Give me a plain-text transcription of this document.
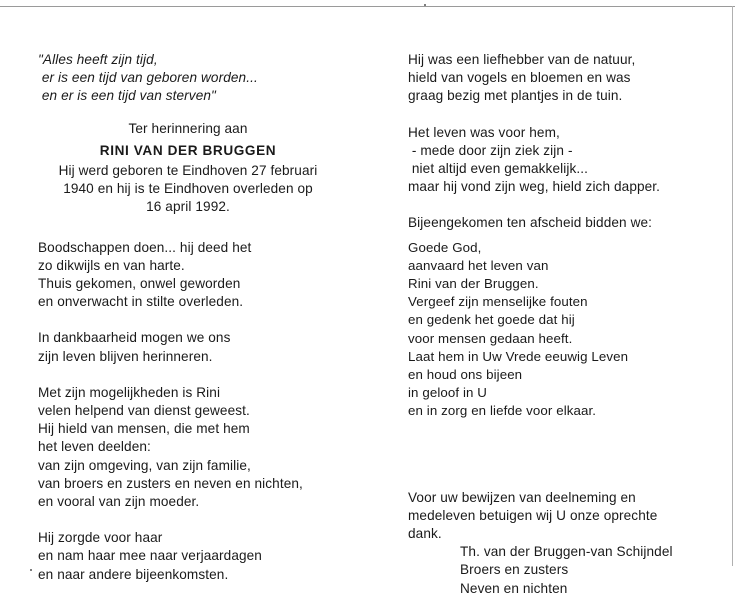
"Alles heeft zijn tijd,
er is een tijd van geboren worden...
en er is een tijd van sterven"
Ter herinnering aan
RINI VAN DER BRUGGEN
Hij werd geboren te Eindhoven 27 februari
1940 en hij is te Eindhoven overleden op
16 april 1992.
Boodschappen doen... hij deed het
zo dikwijls en van harte.
Thuis gekomen, onwel geworden
en onverwacht in stilte overleden.
In dankbaarheid mogen we ons
zijn leven blijven herinneren.
Met zijn mogelijkheden is Rini
velen helpend van dienst geweest.
Hij hield van mensen, die met hem
het leven deelden:
van zijn omgeving, van zijn familie,
van broers en zusters en neven en nichten,
en vooral van zijn moeder.
Hij zorgde voor haar
en nam haar mee naar verjaardagen
en naar andere bijeenkomsten.
Hij was een liefhebber van de natuur,
hield van vogels en bloemen en was
graag bezig met plantjes in de tuin.
Het leven was voor hem,
- mede door zijn ziek zijn -
niet altijd even gemakkelijk...
maar hij vond zijn weg, hield zich dapper.
Bijeengekomen ten afscheid bidden we:
Goede God,
aanvaard het leven van
Rini van der Bruggen.
Vergeef zijn menselijke fouten
en gedenk het goede dat hij
voor mensen gedaan heeft.
Laat hem in Uw Vrede eeuwig Leven
en houd ons bijeen
in geloof in U
en in zorg en liefde voor elkaar.
Voor uw bewijzen van deelneming en
medeleven betuigen wij U onze oprechte
dank.
Th. van der Bruggen-van Schijndel
Broers en zusters
Neven en nichten
